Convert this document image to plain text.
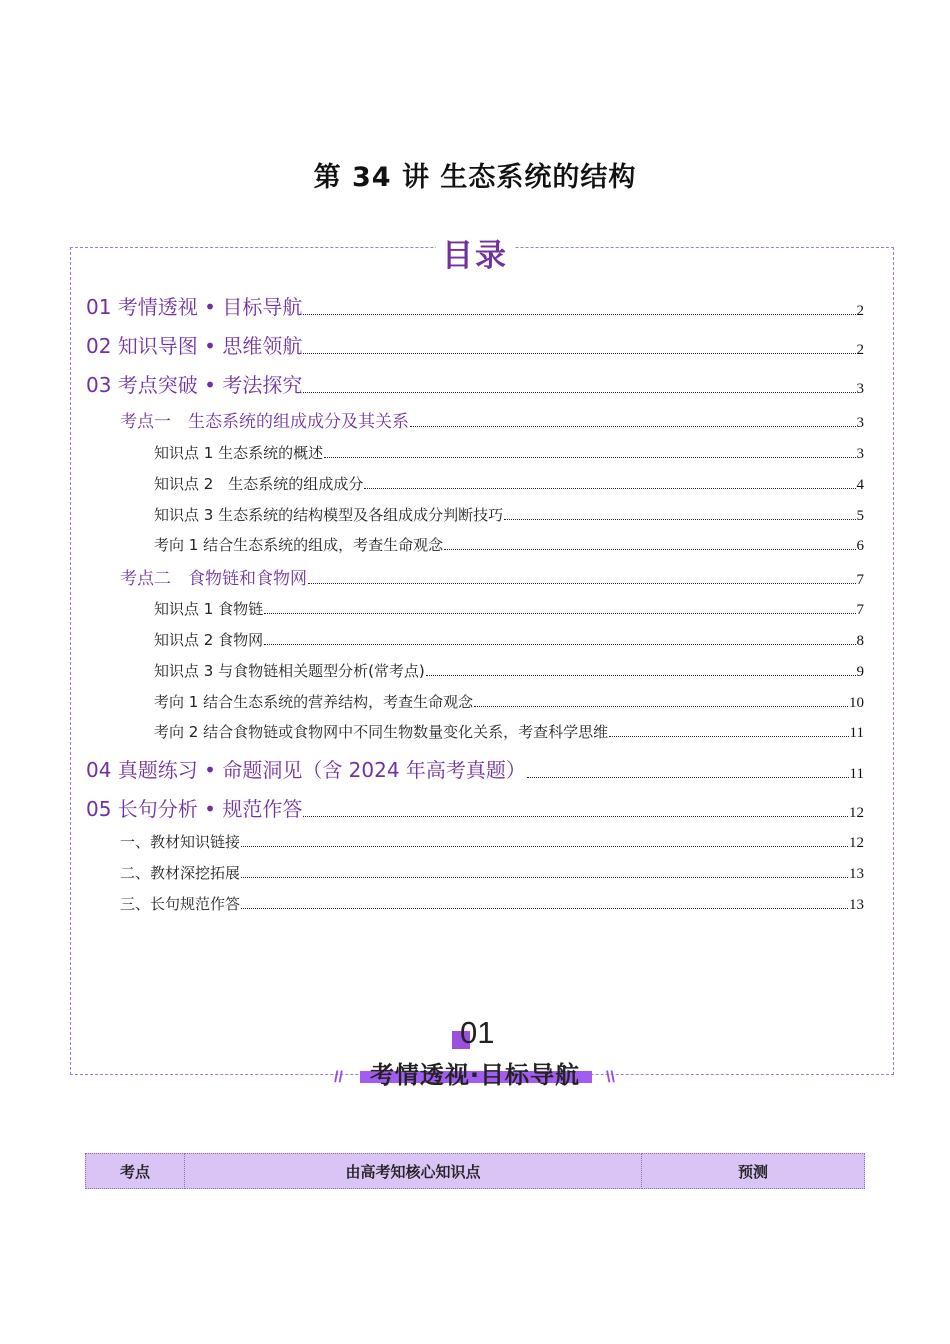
第 34 讲 生态系统的结构
目录
01 考情透视 • 目标导航	2
02 知识导图 • 思维领航	2
03 考点突破 • 考法探究	3
考点一　生态系统的组成成分及其关系	3
知识点 1 生态系统的概述	3
知识点 2　生态系统的组成成分	4
知识点 3 生态系统的结构模型及各组成成分判断技巧	5
考向 1 结合生态系统的组成，考查生命观念	6
考点二　食物链和食物网	7
知识点 1 食物链	7
知识点 2 食物网	8
知识点 3 与食物链相关题型分析(常考点)	9
考向 1 结合生态系统的营养结构，考查生命观念	10
考向 2 结合食物链或食物网中不同生物数量变化关系，考查科学思维	11
04 真题练习 • 命题洞见（含 2024 年高考真题）	11
05 长句分析 • 规范作答	12
一、教材知识链接	12
二、教材深挖拓展	13
三、长句规范作答	13
01
//	考情透视·目标导航	\\
考点	由高考知核心知识点	预测
